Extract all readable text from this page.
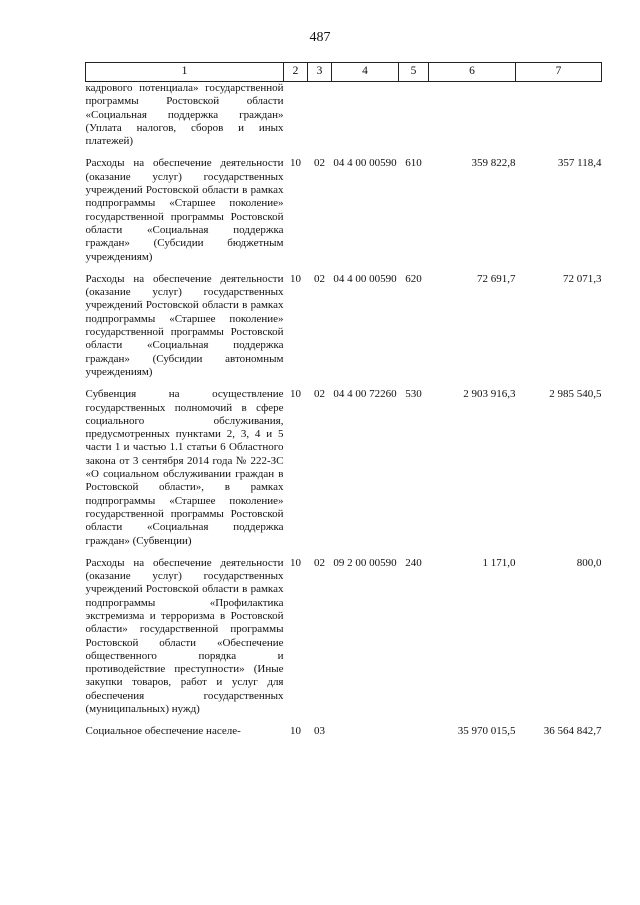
487
1	2	3	4	5	6	7
кадрового потенциала» государственной программы Ростовской области «Социальная поддержка граждан» (Уплата налогов, сборов и иных платежей)						

Расходы на обеспечение деятельности (оказание услуг) государственных учреждений Ростовской области в рамках подпрограммы «Старшее поколение» государственной программы Ростовской области «Социальная поддержка граждан» (Субсидии бюджетным учреждениям)	10	02	04 4 00 00590	610	359 822,8	357 118,4

Расходы на обеспечение деятельности (оказание услуг) государственных учреждений Ростовской области в рамках подпрограммы «Старшее поколение» государственной программы Ростовской области «Социальная поддержка граждан» (Субсидии автономным учреждениям)	10	02	04 4 00 00590	620	72 691,7	72 071,3

Субвенция на осуществление государственных полномочий в сфере социального обслуживания, предусмотренных пунктами 2, 3, 4 и 5 части 1 и частью 1.1 статьи 6 Областного закона от 3 сентября 2014 года № 222-ЗС «О социальном обслуживании граждан в Ростовской области», в рамках подпрограммы «Старшее поколение» государственной программы Ростовской области «Социальная поддержка граждан» (Субвенции)	10	02	04 4 00 72260	530	2 903 916,3	2 985 540,5

Расходы на обеспечение деятельности (оказание услуг) государственных учреждений Ростовской области в рамках подпрограммы «Профилактика экстремизма и терроризма в Ростовской области» государственной программы Ростовской области «Обеспечение общественного порядка и противодействие преступности» (Иные закупки товаров, работ и услуг для обеспечения государственных (муниципальных) нужд)	10	02	09 2 00 00590	240	1 171,0	800,0

Социальное обеспечение населе-	10	03			35 970 015,5	36 564 842,7
